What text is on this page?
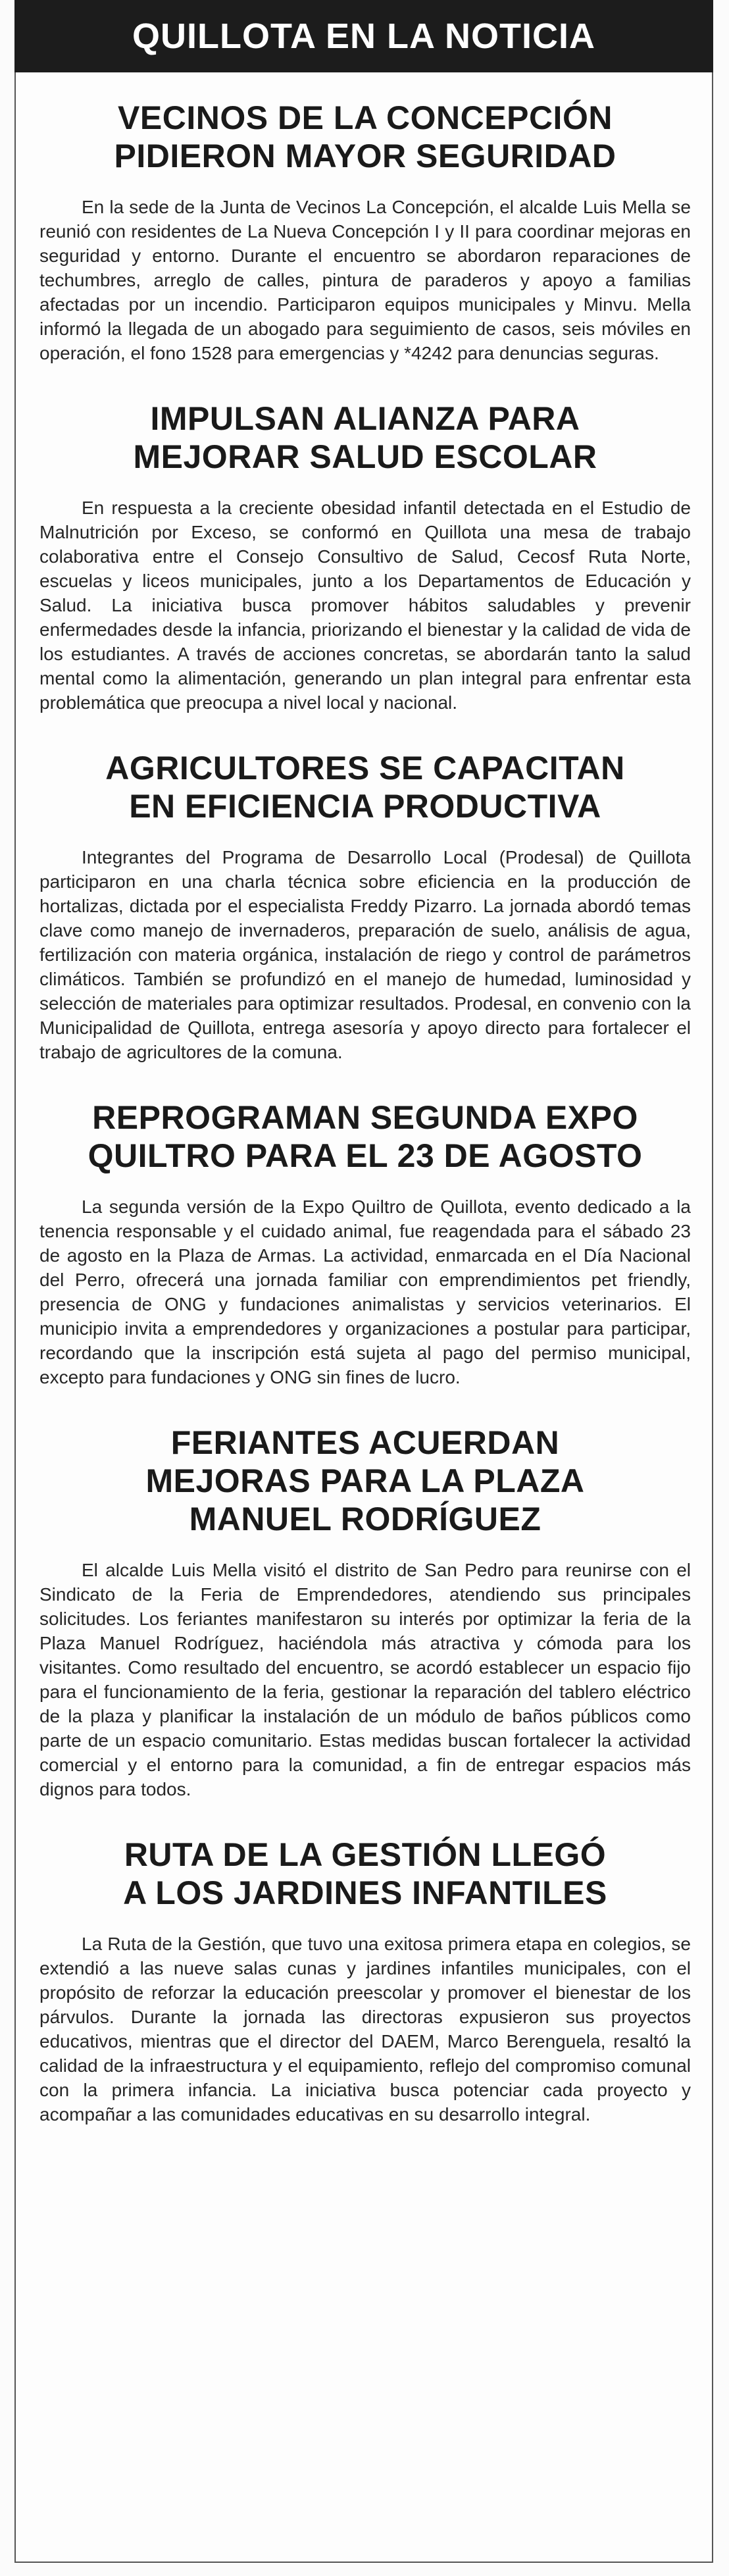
QUILLOTA EN LA NOTICIA
VECINOS DE LA CONCEPCIÓN
PIDIERON MAYOR SEGURIDAD

En la sede de la Junta de Vecinos La Concepción, el alcalde Luis Mella se reunió con residentes de La Nueva Concepción I y II para coordinar mejoras en seguridad y entorno. Durante el encuentro se abordaron reparaciones de techumbres, arreglo de calles, pintura de paraderos y apoyo a familias afectadas por un incendio. Participaron equipos municipales y Minvu. Mella informó la llegada de un abogado para seguimiento de casos, seis móviles en operación, el fono 1528 para emergencias y *4242 para denuncias seguras.

IMPULSAN ALIANZA PARA
MEJORAR SALUD ESCOLAR

En respuesta a la creciente obesidad infantil detectada en el Estudio de Malnutrición por Exceso, se conformó en Quillota una mesa de trabajo colaborativa entre el Consejo Consultivo de Salud, Cecosf Ruta Norte, escuelas y liceos municipales, junto a los Departamentos de Educación y Salud. La iniciativa busca promover hábitos saludables y prevenir enfermedades desde la infancia, priorizando el bienestar y la calidad de vida de los estudiantes. A través de acciones concretas, se abordarán tanto la salud mental como la alimentación, generando un plan integral para enfrentar esta problemática que preocupa a nivel local y nacional.

AGRICULTORES SE CAPACITAN
EN EFICIENCIA PRODUCTIVA

Integrantes del Programa de Desarrollo Local (Prodesal) de Quillota participaron en una charla técnica sobre eficiencia en la producción de hortalizas, dictada por el especialista Freddy Pizarro. La jornada abordó temas clave como manejo de invernaderos, preparación de suelo, análisis de agua, fertilización con materia orgánica, instalación de riego y control de parámetros climáticos. También se profundizó en el manejo de humedad, luminosidad y selección de materiales para optimizar resultados. Prodesal, en convenio con la Municipalidad de Quillota, entrega asesoría y apoyo directo para fortalecer el trabajo de agricultores de la comuna.

REPROGRAMAN SEGUNDA EXPO
QUILTRO PARA EL 23 DE AGOSTO

La segunda versión de la Expo Quiltro de Quillota, evento dedicado a la tenencia responsable y el cuidado animal, fue reagendada para el sábado 23 de agosto en la Plaza de Armas. La actividad, enmarcada en el Día Nacional del Perro, ofrecerá una jornada familiar con emprendimientos pet friendly, presencia de ONG y fundaciones animalistas y servicios veterinarios. El municipio invita a emprendedores y organizaciones a postular para participar, recordando que la inscripción está sujeta al pago del permiso municipal, excepto para fundaciones y ONG sin fines de lucro.

FERIANTES ACUERDAN
MEJORAS PARA LA PLAZA
MANUEL RODRÍGUEZ

El alcalde Luis Mella visitó el distrito de San Pedro para reunirse con el Sindicato de la Feria de Emprendedores, atendiendo sus principales solicitudes. Los feriantes manifestaron su interés por optimizar la feria de la Plaza Manuel Rodríguez, haciéndola más atractiva y cómoda para los visitantes. Como resultado del encuentro, se acordó establecer un espacio fijo para el funcionamiento de la feria, gestionar la reparación del tablero eléctrico de la plaza y planificar la instalación de un módulo de baños públicos como parte de un espacio comunitario. Estas medidas buscan fortalecer la actividad comercial y el entorno para la comunidad, a fin de entregar espacios más dignos para todos.

RUTA DE LA GESTIÓN LLEGÓ
A LOS JARDINES INFANTILES

La Ruta de la Gestión, que tuvo una exitosa primera etapa en colegios, se extendió a las nueve salas cunas y jardines infantiles municipales, con el propósito de reforzar la educación preescolar y promover el bienestar de los párvulos. Durante la jornada las directoras expusieron sus proyectos educativos, mientras que el director del DAEM, Marco Berenguela, resaltó la calidad de la infraestructura y el equipamiento, reflejo del compromiso comunal con la primera infancia. La iniciativa busca potenciar cada proyecto y acompañar a las comunidades educativas en su desarrollo integral.
